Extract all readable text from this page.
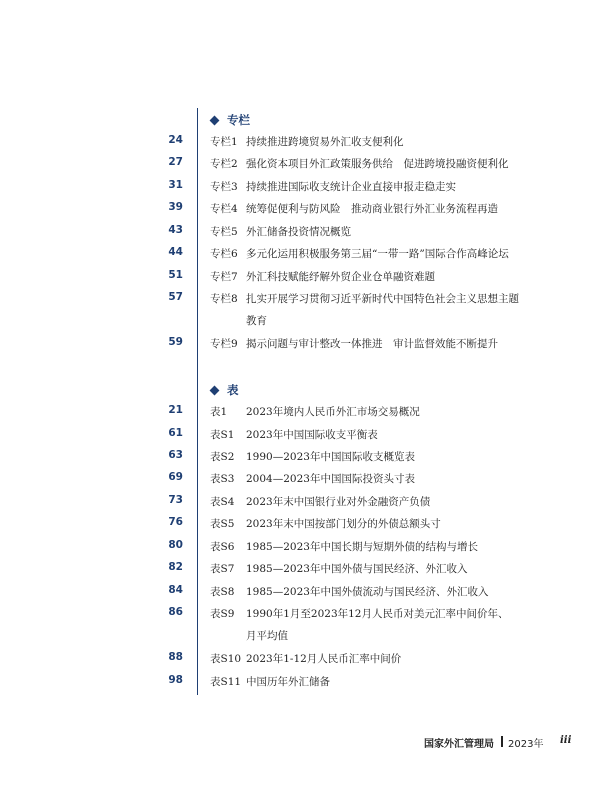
专栏
24	专栏1 持续推进跨境贸易外汇收支便利化
27	专栏2 强化资本项目外汇政策服务供给　促进跨境投融资便利化
31	专栏3 持续推进国际收支统计企业直接申报走稳走实
39	专栏4 统筹促便利与防风险　推动商业银行外汇业务流程再造
43	专栏5 外汇储备投资情况概览
44	专栏6 多元化运用积极服务第三届“一带一路”国际合作高峰论坛
51	专栏7 外汇科技赋能纾解外贸企业仓单融资难题
57	专栏8 扎实开展学习贯彻习近平新时代中国特色社会主义思想主题
教育
59	专栏9 揭示问题与审计整改一体推进　审计监督效能不断提升
表
21	表1 2023年境内人民币外汇市场交易概况
61	表S1 2023年中国国际收支平衡表
63	表S2 1990—2023年中国国际收支概览表
69	表S3 2004—2023年中国国际投资头寸表
73	表S4 2023年末中国银行业对外金融资产负债
76	表S5 2023年末中国按部门划分的外债总额头寸
80	表S6 1985—2023年中国长期与短期外债的结构与增长
82	表S7 1985—2023年中国外债与国民经济、外汇收入
84	表S8 1985—2023年中国外债流动与国民经济、外汇收入
86	表S9 1990年1月至2023年12月人民币对美元汇率中间价年、
月平均值
88	表S10 2023年1-12月人民币汇率中间价
98	表S11 中国历年外汇储备
国家外汇管理局 2023年 iii
